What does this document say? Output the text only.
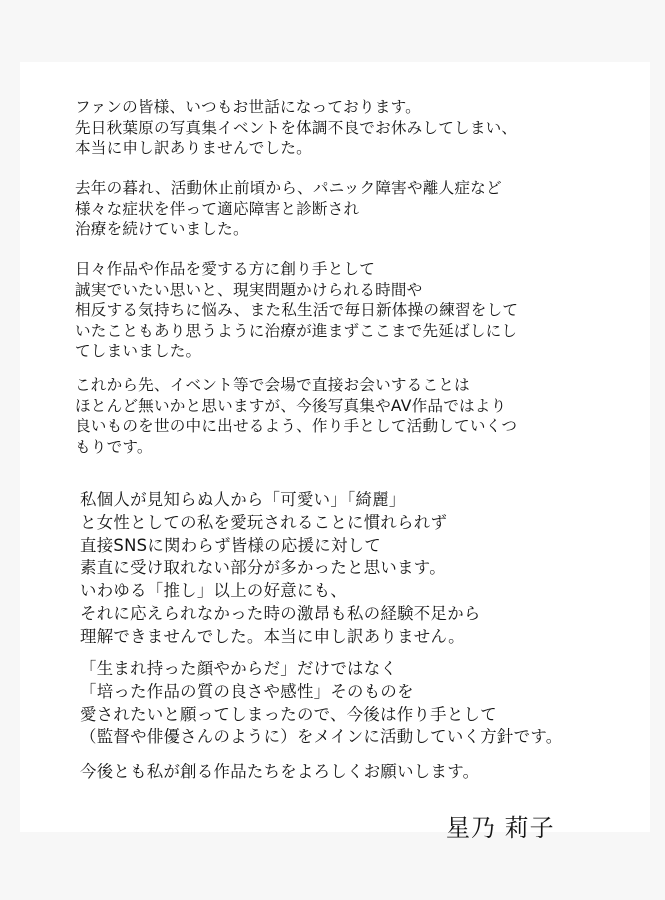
ファンの皆様、いつもお世話になっております。
先日秋葉原の写真集イベントを体調不良でお休みしてしまい、
本当に申し訳ありませんでした。
去年の暮れ、活動休止前頃から、パニック障害や離人症など
様々な症状を伴って適応障害と診断され
治療を続けていました。
日々作品や作品を愛する方に創り手として
誠実でいたい思いと、現実問題かけられる時間や
相反する気持ちに悩み、また私生活で毎日新体操の練習をして
いたこともあり思うように治療が進まずここまで先延ばしにし
てしまいました。
これから先、イベント等で会場で直接お会いすることは
ほとんど無いかと思いますが、今後写真集やAV作品ではより
良いものを世の中に出せるよう、作り手として活動していくつ
もりです。
私個人が見知らぬ人から「可愛い」「綺麗」
と女性としての私を愛玩されることに慣れられず
直接SNSに関わらず皆様の応援に対して
素直に受け取れない部分が多かったと思います。
いわゆる「推し」以上の好意にも、
それに応えられなかった時の激昂も私の経験不足から
理解できませんでした。本当に申し訳ありません。
「生まれ持った顔やからだ」だけではなく
「培った作品の質の良さや感性」そのものを
愛されたいと願ってしまったので、今後は作り手として
（監督や俳優さんのように）をメインに活動していく方針です。
今後とも私が創る作品たちをよろしくお願いします。
星乃 莉子
